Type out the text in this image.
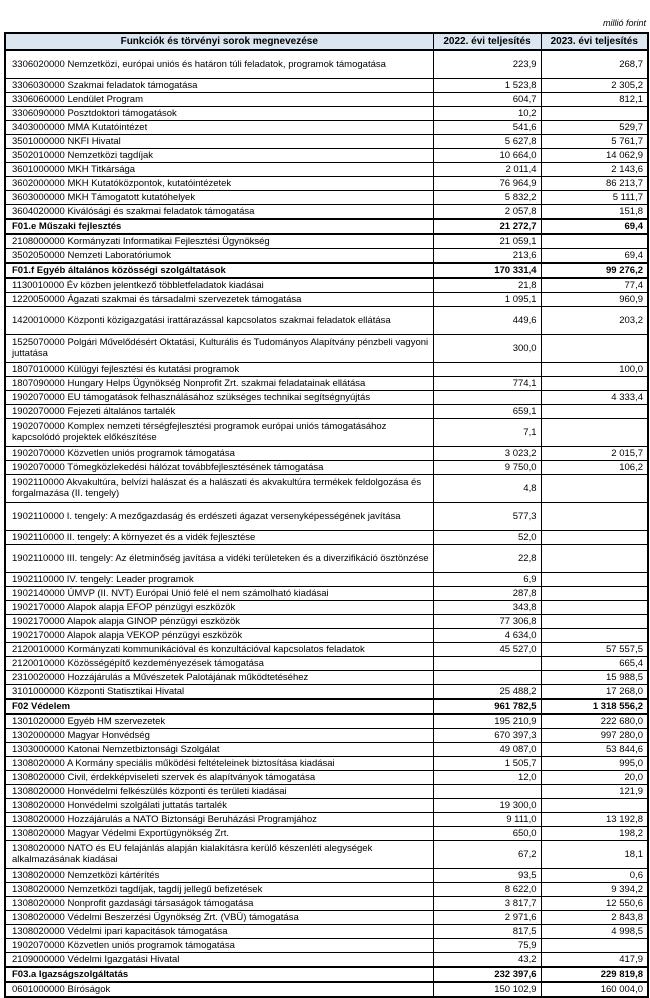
millió forint
Funkciók és törvényi sorok megnevezése	2022. évi teljesítés	2023. évi teljesítés
3306020000 Nemzetközi, európai uniós és határon túli feladatok, programok támogatása	223,9	268,7
3306030000 Szakmai feladatok támogatása	1 523,8	2 305,2
3306060000 Lendület Program	604,7	812,1
3306090000 Posztdoktori támogatások	10,2	
3403000000 MMA Kutatóintézet	541,6	529,7
3501000000 NKFI Hivatal	5 627,8	5 761,7
3502010000 Nemzetközi tagdíjak	10 664,0	14 062,9
3601000000 MKH Titkársága	2 011,4	2 143,6
3602000000 MKH Kutatóközpontok, kutatóintézetek	76 964,9	86 213,7
3603000000 MKH Támogatott kutatóhelyek	5 832,2	5 111,7
3604020000 Kiválósági és szakmai feladatok támogatása	2 057,8	151,8
F01.e Műszaki fejlesztés	21 272,7	69,4
2108000000 Kormányzati Informatikai Fejlesztési Ügynökség	21 059,1	
3502050000 Nemzeti Laboratóriumok	213,6	69,4
F01.f Egyéb általános közösségi szolgáltatások	170 331,4	99 276,2
1130010000 Év közben jelentkező többletfeladatok kiadásai	21,8	77,4
1220050000 Ágazati szakmai és társadalmi szervezetek támogatása	1 095,1	960,9
1420010000 Központi közigazgatási irattárazással kapcsolatos szakmai feladatok ellátása	449,6	203,2
1525070000 Polgári Művelődésért Oktatási, Kulturális és Tudományos Alapítvány pénzbeli vagyoni juttatása	300,0	
1807010000 Külügyi fejlesztési és kutatási programok		100,0
1807090000 Hungary Helps Ügynökség Nonprofit Zrt. szakmai feladatainak ellátása	774,1	
1902070000 EU támogatások felhasználásához szükséges technikai segítségnyújtás		4 333,4
1902070000 Fejezeti általános tartalék	659,1	
1902070000 Komplex nemzeti térségfejlesztési programok európai uniós támogatásához kapcsolódó projektek előkészítése	7,1	
1902070000 Közvetlen uniós programok támogatása	3 023,2	2 015,7
1902070000 Tömegközlekedési hálózat továbbfejlesztésének támogatása	9 750,0	106,2
1902110000 Akvakultúra, belvízi halászat és a halászati és akvakultúra termékek feldolgozása és forgalmazása (II. tengely)	4,8	
1902110000 I. tengely: A mezőgazdaság és erdészeti ágazat versenyképességének javítása	577,3	
1902110000 II. tengely: A környezet és a vidék fejlesztése	52,0	
1902110000 III. tengely: Az életminőség javítása a vidéki területeken és a diverzifikáció ösztönzése	22,8	
1902110000 IV. tengely: Leader programok	6,9	
1902140000 ÚMVP (II. NVT) Európai Unió felé el nem számolható kiadásai	287,8	
1902170000 Alapok alapja EFOP pénzügyi eszközök	343,8	
1902170000 Alapok alapja GINOP pénzügyi eszközök	77 306,8	
1902170000 Alapok alapja VEKOP pénzügyi eszközök	4 634,0	
2120010000 Kormányzati kommunikációval és konzultációval kapcsolatos feladatok	45 527,0	57 557,5
2120010000 Közösségépítő kezdeményezések támogatása		665,4
2310020000 Hozzájárulás a Művészetek Palotájának működtetéséhez		15 988,5
3101000000 Központi Statisztikai Hivatal	25 488,2	17 268,0
F02 Védelem	961 782,5	1 318 556,2
1301020000 Egyéb HM szervezetek	195 210,9	222 680,0
1302000000 Magyar Honvédség	670 397,3	997 280,0
1303000000 Katonai Nemzetbiztonsági Szolgálat	49 087,0	53 844,6
1308020000 A Kormány speciális működési feltételeinek biztosítása kiadásai	1 505,7	995,0
1308020000 Civil, érdekképviseleti szervek és alapítványok támogatása	12,0	20,0
1308020000 Honvédelmi felkészülés központi és területi kiadásai		121,9
1308020000 Honvédelmi szolgálati juttatás tartalék	19 300,0	
1308020000 Hozzájárulás a NATO Biztonsági Beruházási Programjához	9 111,0	13 192,8
1308020000 Magyar Védelmi Exportügynökség Zrt.	650,0	198,2
1308020000 NATO és EU felajánlás alapján kialakításra kerülő készenléti alegységek alkalmazásának kiadásai	67,2	18,1
1308020000 Nemzetközi kártérítés	93,5	0,6
1308020000 Nemzetközi tagdíjak, tagdíj jellegű befizetések	8 622,0	9 394,2
1308020000 Nonprofit gazdasági társaságok támogatása	3 817,7	12 550,6
1308020000 Védelmi Beszerzési Ügynökség Zrt. (VBÜ) támogatása	2 971,6	2 843,8
1308020000 Védelmi ipari kapacitások támogatása	817,5	4 998,5
1902070000 Közvetlen uniós programok támogatása	75,9	
2109000000 Védelmi Igazgatási Hivatal	43,2	417,9
F03.a Igazságszolgáltatás	232 397,6	229 819,8
0601000000 Bíróságok	150 102,9	160 004,0
